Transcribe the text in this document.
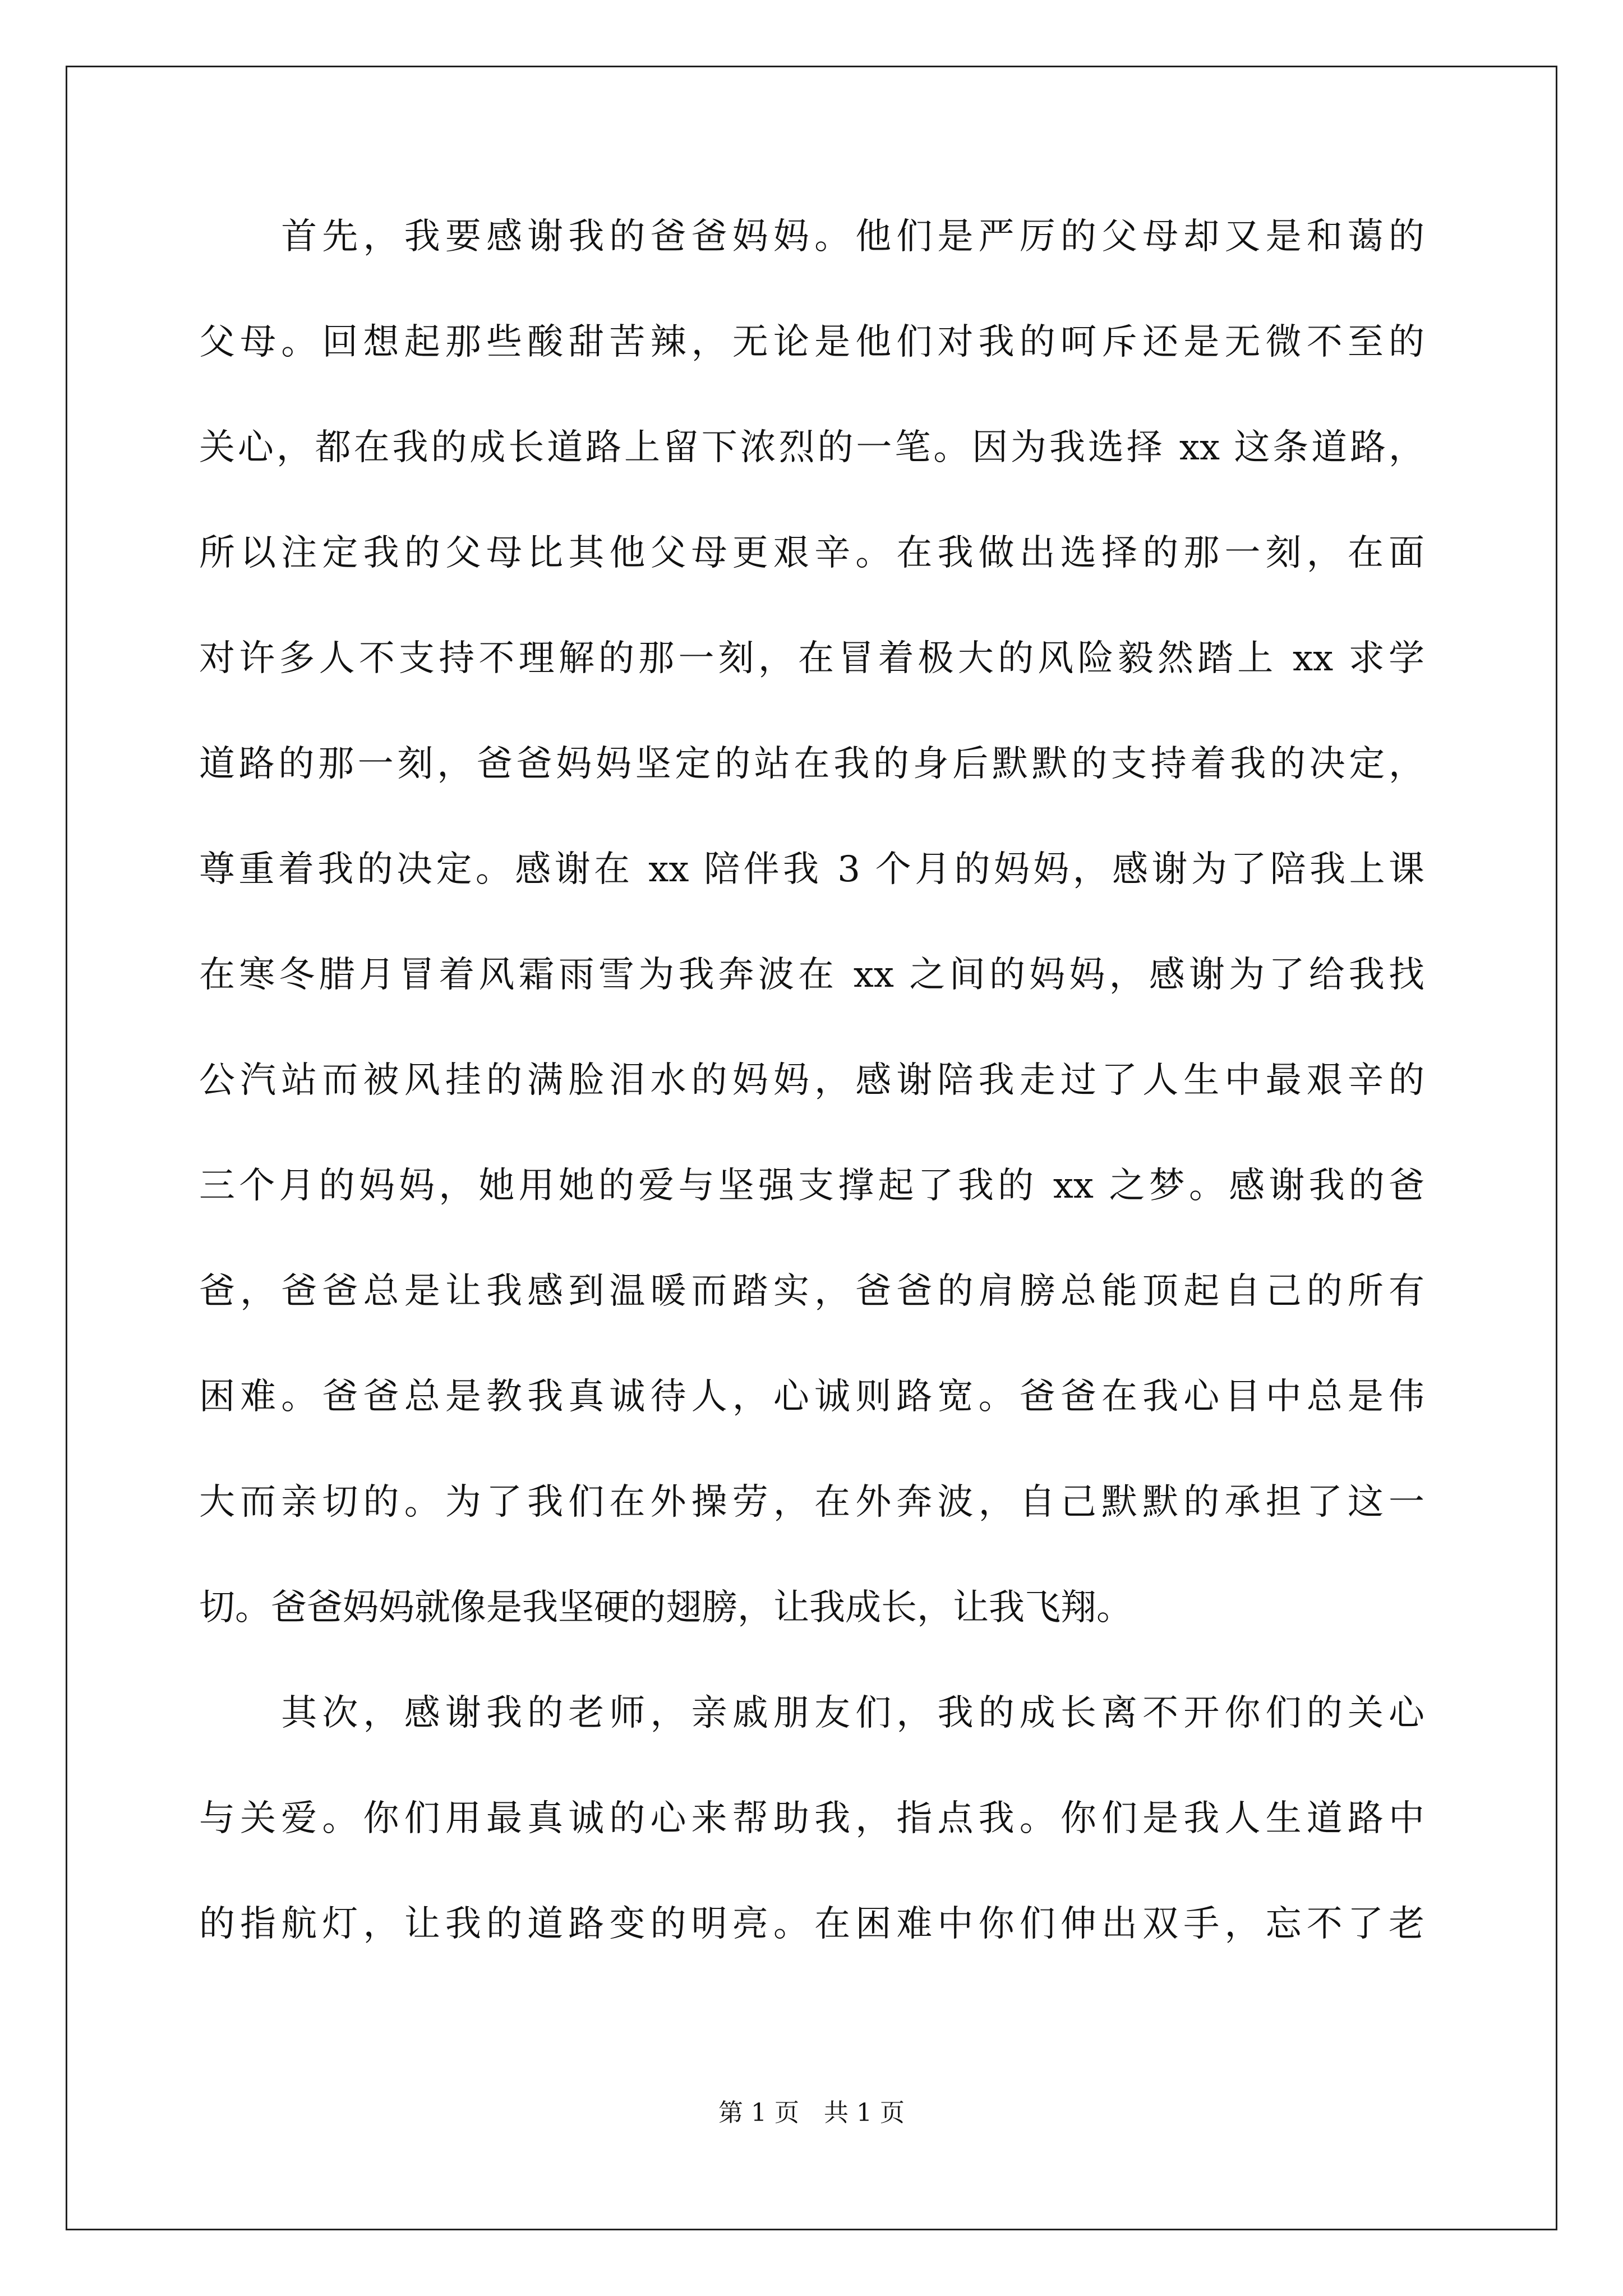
　　首先，我要感谢我的爸爸妈妈。他们是严厉的父母却又是和蔼的
父母。回想起那些酸甜苦辣，无论是他们对我的呵斥还是无微不至的
关心，都在我的成长道路上留下浓烈的一笔。因为我选择 xx 这条道路，
所以注定我的父母比其他父母更艰辛。在我做出选择的那一刻，在面
对许多人不支持不理解的那一刻，在冒着极大的风险毅然踏上 xx 求学
道路的那一刻，爸爸妈妈坚定的站在我的身后默默的支持着我的决定，
尊重着我的决定。感谢在 xx 陪伴我 3 个月的妈妈，感谢为了陪我上课
在寒冬腊月冒着风霜雨雪为我奔波在 xx 之间的妈妈，感谢为了给我找
公汽站而被风挂的满脸泪水的妈妈，感谢陪我走过了人生中最艰辛的
三个月的妈妈，她用她的爱与坚强支撑起了我的 xx 之梦。感谢我的爸
爸，爸爸总是让我感到温暖而踏实，爸爸的肩膀总能顶起自己的所有
困难。爸爸总是教我真诚待人，心诚则路宽。爸爸在我心目中总是伟
大而亲切的。为了我们在外操劳，在外奔波，自己默默的承担了这一
切。爸爸妈妈就像是我坚硬的翅膀，让我成长，让我飞翔。
　　其次，感谢我的老师，亲戚朋友们，我的成长离不开你们的关心
与关爱。你们用最真诚的心来帮助我，指点我。你们是我人生道路中
的指航灯，让我的道路变的明亮。在困难中你们伸出双手，忘不了老
第 1 页 共 1 页
